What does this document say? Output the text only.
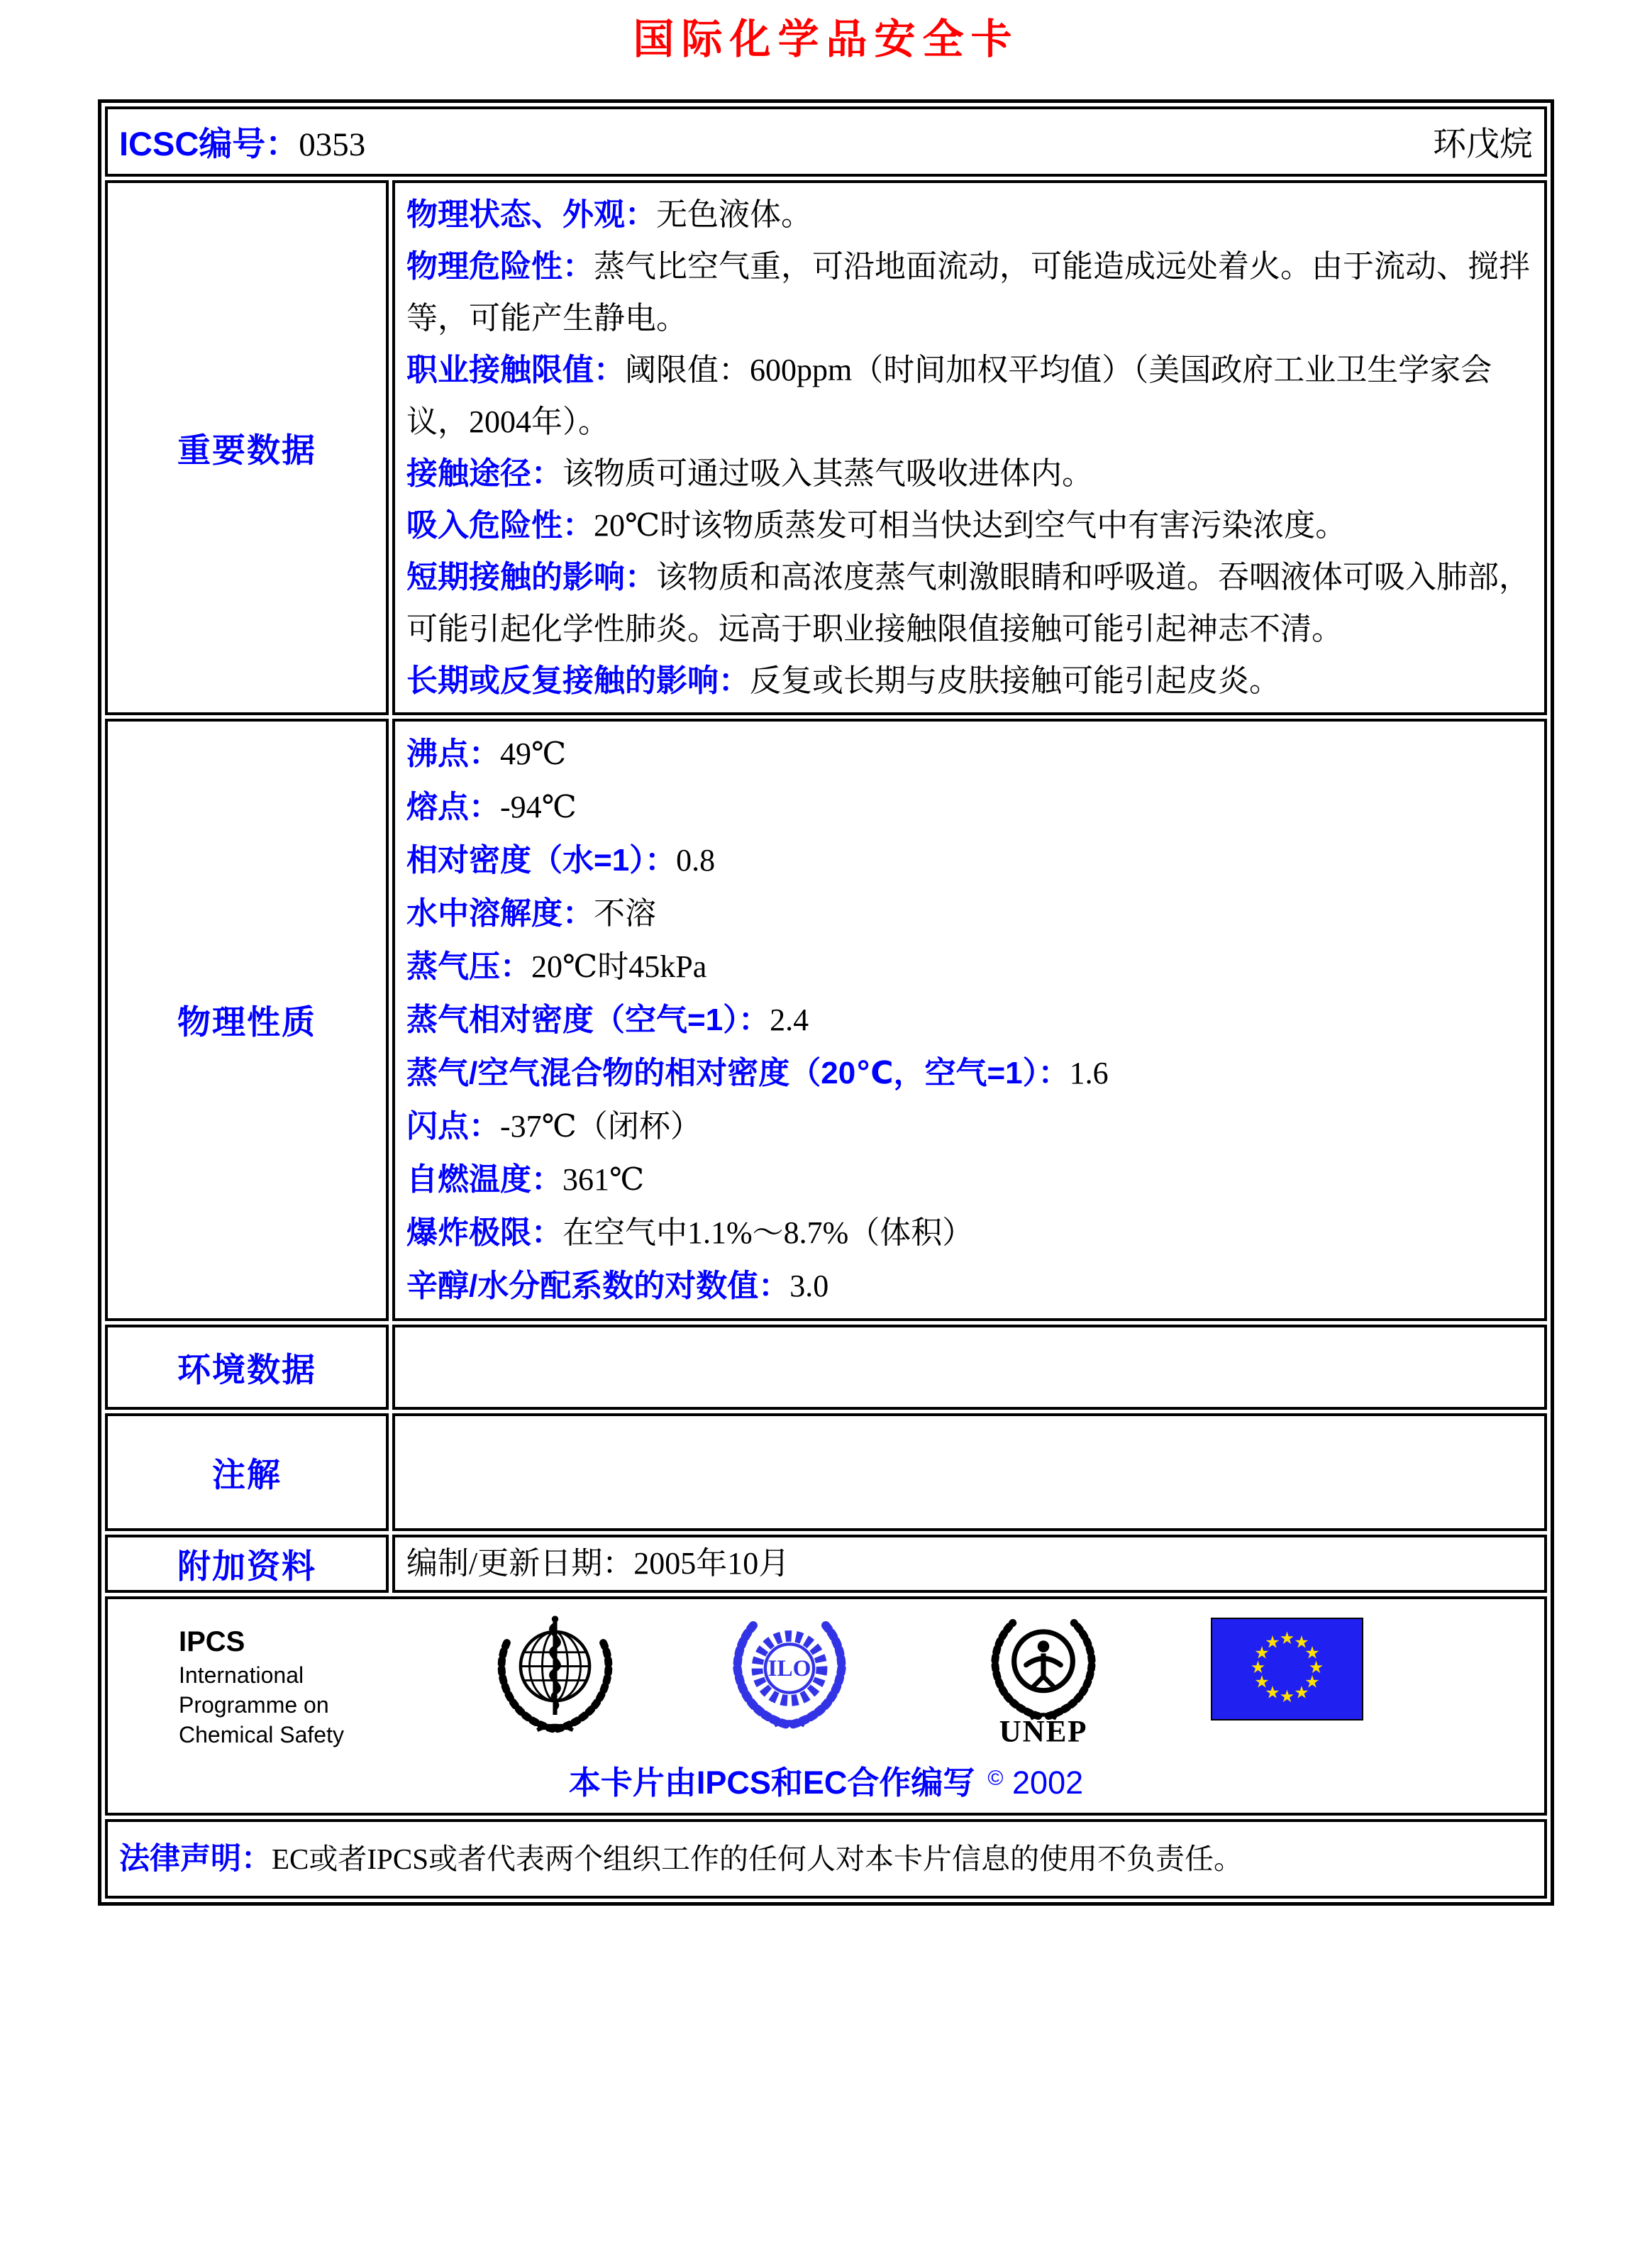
国际化学品安全卡
ICSC编号：0353	环戊烷
重要数据

物理状态、外观：无色液体。

物理危险性：蒸气比空气重，可沿地面流动，可能造成远处着火。由于流动、搅拌等，可能产生静电。

职业接触限值：阈限值：600ppm（时间加权平均值）（美国政府工业卫生学家会议，2004年）。

接触途径：该物质可通过吸入其蒸气吸收进体内。

吸入危险性：20℃时该物质蒸发可相当快达到空气中有害污染浓度。

短期接触的影响：该物质和高浓度蒸气刺激眼睛和呼吸道。吞咽液体可吸入肺部，可能引起化学性肺炎。远高于职业接触限值接触可能引起神志不清。

长期或反复接触的影响：反复或长期与皮肤接触可能引起皮炎。

物理性质

沸点：49℃

熔点：-94℃

相对密度（水=1）：0.8

水中溶解度：不溶

蒸气压：20℃时45kPa

蒸气相对密度（空气=1）：2.4

蒸气/空气混合物的相对密度（20℃，空气=1）：1.6

闪点：-37℃（闭杯）

自燃温度：361℃

爆炸极限：在空气中1.1%～8.7%（体积）

辛醇/水分配系数的对数值：3.0

环境数据
注解
附加资料	编制/更新日期：2005年10月
IPCS
International
Programme on
Chemical Safety
ILO
UNEP
★
★
★
★
★
★
★
★
★
★
★
★
本卡片由IPCS和EC合作编写 © 2002
法律声明：EC或者IPCS或者代表两个组织工作的任何人对本卡片信息的使用不负责任。
